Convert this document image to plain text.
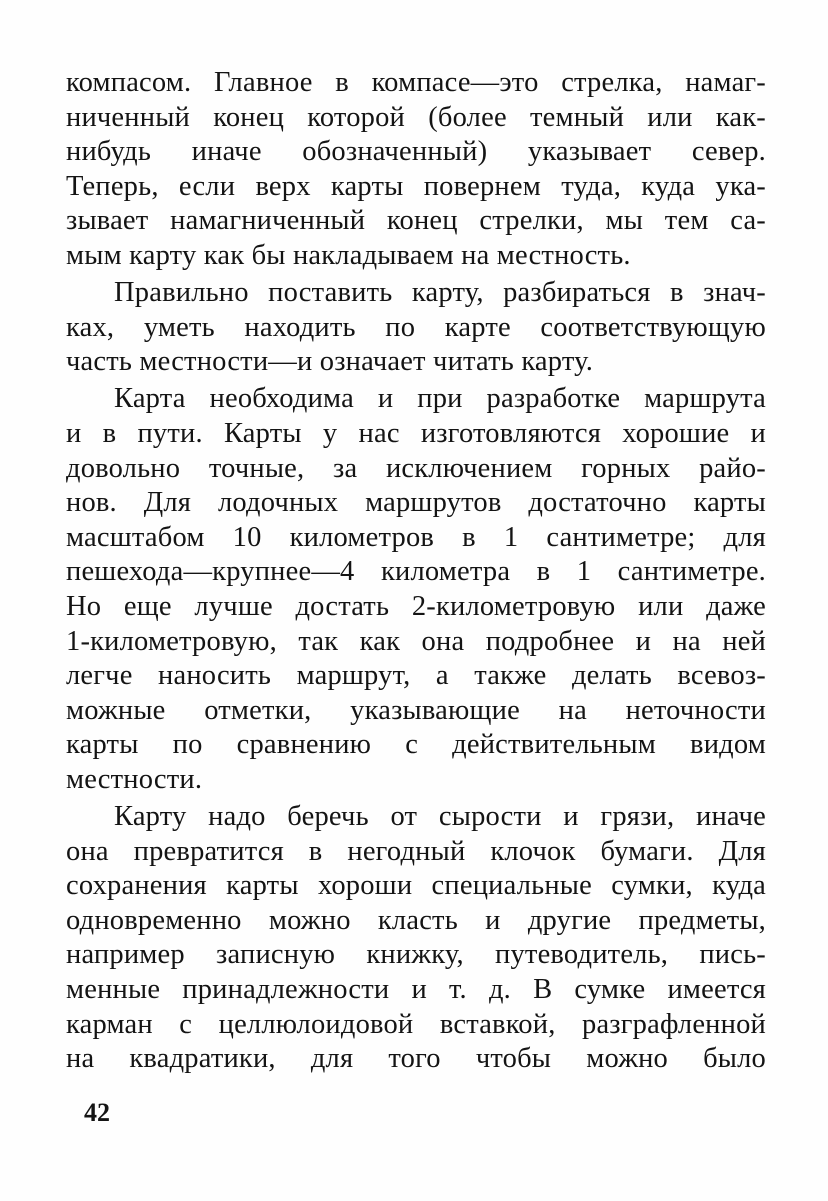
компасом. Главное в компасе—это стрелка, намаг-
ниченный конец которой (более темный или как-
нибудь иначе обозначенный) указывает север.
Теперь, если верх карты повернем туда, куда ука-
зывает намагниченный конец стрелки, мы тем са-
мым карту как бы накладываем на местность.
Правильно поставить карту, разбираться в знач-
ках, уметь находить по карте соответствующую
часть местности—и означает читать карту.
Карта необходима и при разработке маршрута
и в пути. Карты у нас изготовляются хорошие и
довольно точные, за исключением горных райо-
нов. Для лодочных маршрутов достаточно карты
масштабом 10 километров в 1 сантиметре; для
пешехода—крупнее—4 километра в 1 сантиметре.
Но еще лучше достать 2-километровую или даже
1-километровую, так как она подробнее и на ней
легче наносить маршрут, а также делать всевоз-
можные отметки, указывающие на неточности
карты по сравнению с действительным видом
местности.
Карту надо беречь от сырости и грязи, иначе
она превратится в негодный клочок бумаги. Для
сохранения карты хороши специальные сумки, куда
одновременно можно класть и другие предметы,
например записную книжку, путеводитель, пись-
менные принадлежности и т. д. В сумке имеется
карман с целлюлоидовой вставкой, разграфленной
на квадратики, для того чтобы можно было
42
